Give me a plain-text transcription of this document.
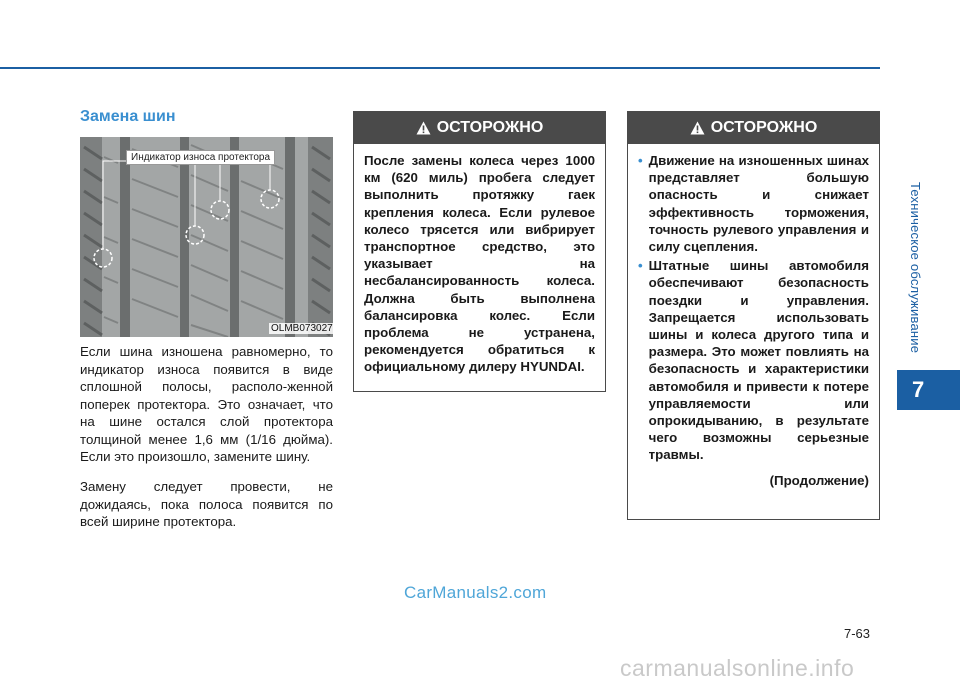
Техническое обслуживание
7
Замена шин
Индикатор износа протектора
OLMB073027
Если шина изношена равномерно, то индикатор износа появится в виде сплошной полосы, располо-женной поперек протектора. Это означает, что на шине остался слой протектора толщиной менее 1,6 мм (1/16 дюйма). Если это произошло, замените шину.
Замену следует провести, не дожидаясь, пока полоса появится по всей ширине протектора.
ОСТОРОЖНО
После замены колеса через 1000 км (620 миль) пробега следует выполнить протяжку гаек крепления колеса. Если рулевое колесо трясется или вибрирует транспортное средство, это указывает на несбалансированность колеса. Должна быть выполнена балансировка колес. Если проблема не устранена, рекомендуется обратиться к официальному дилеру HYUNDAI.
ОСТОРОЖНО
• Движение на изношенных шинах представляет большую опасность и снижает эффективность торможения, точность рулевого управления и силу сцепления.
• Штатные шины автомобиля обеспечивают безопасность поездки и управления. Запрещается использовать шины и колеса другого типа и размера. Это может повлиять на безопасность и характеристики автомобиля и привести к потере управляемости или опрокидыванию, в результате чего возможны серьезные травмы.
(Продолжение)
CarManuals2.com
7-63
carmanualsonline.info
